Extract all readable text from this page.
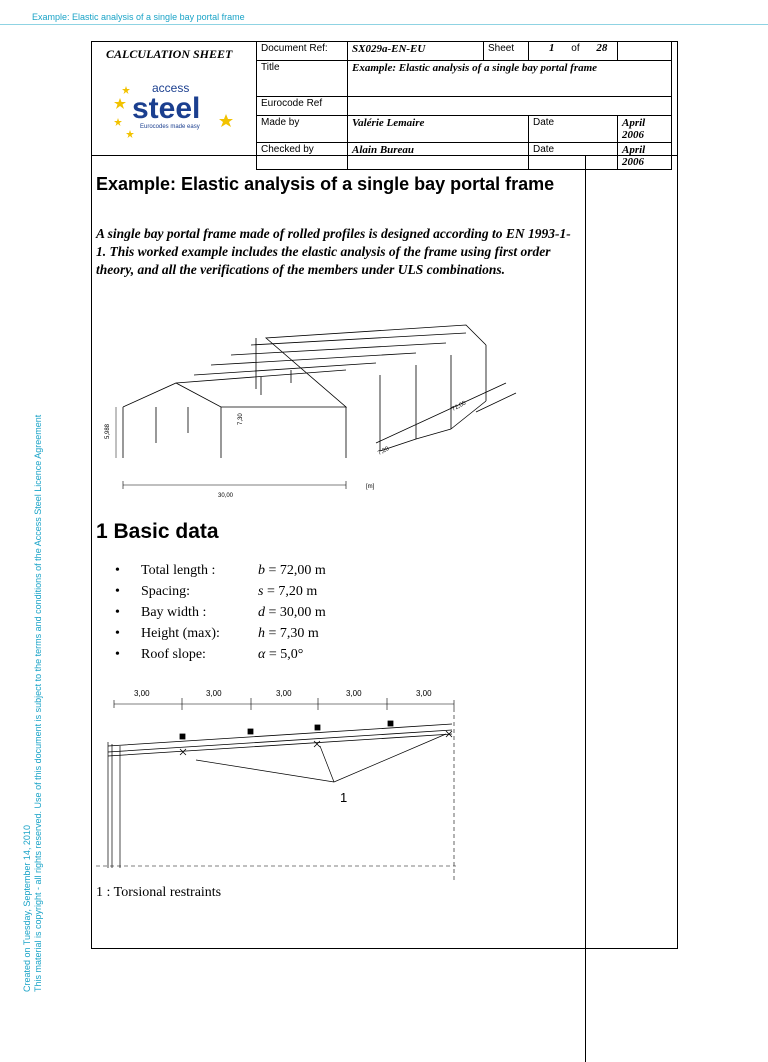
Example: Elastic analysis of a single bay portal frame
Created on Tuesday, September 14, 2010 This material is copyright - all rights reserved. Use of this document is subject to the terms and conditions of the Access Steel Licence Agreement
CALCULATION SHEET
access
steel
Eurocodes made easy
Document Ref:	SX029a-EN-EU	Sheet	1 of 28	
Title	Example: Elastic analysis of a single bay portal frame			
Eurocode Ref				
Made by	Valérie Lemaire		Date	April 2006
Checked by	Alain Bureau		Date	April 2006
Example: Elastic analysis of a single bay portal frame
A single bay portal frame made of rolled profiles is designed according to EN 1993-1-1. This worked example includes the elastic analysis of the frame using first order theory, and all the verifications of the members under ULS combinations.
30,00
72,00
7,20
7,30
5,988
[m]
1 Basic data
• Total length :	b = 72,00 m
• Spacing:	s = 7,20 m
• Bay width :	d = 30,00 m
• Height (max):	h = 7,30 m
• Roof slope:	α = 5,0°
3,00	3,00	3,00	3,00	3,00
1
1 : Torsional restraints
